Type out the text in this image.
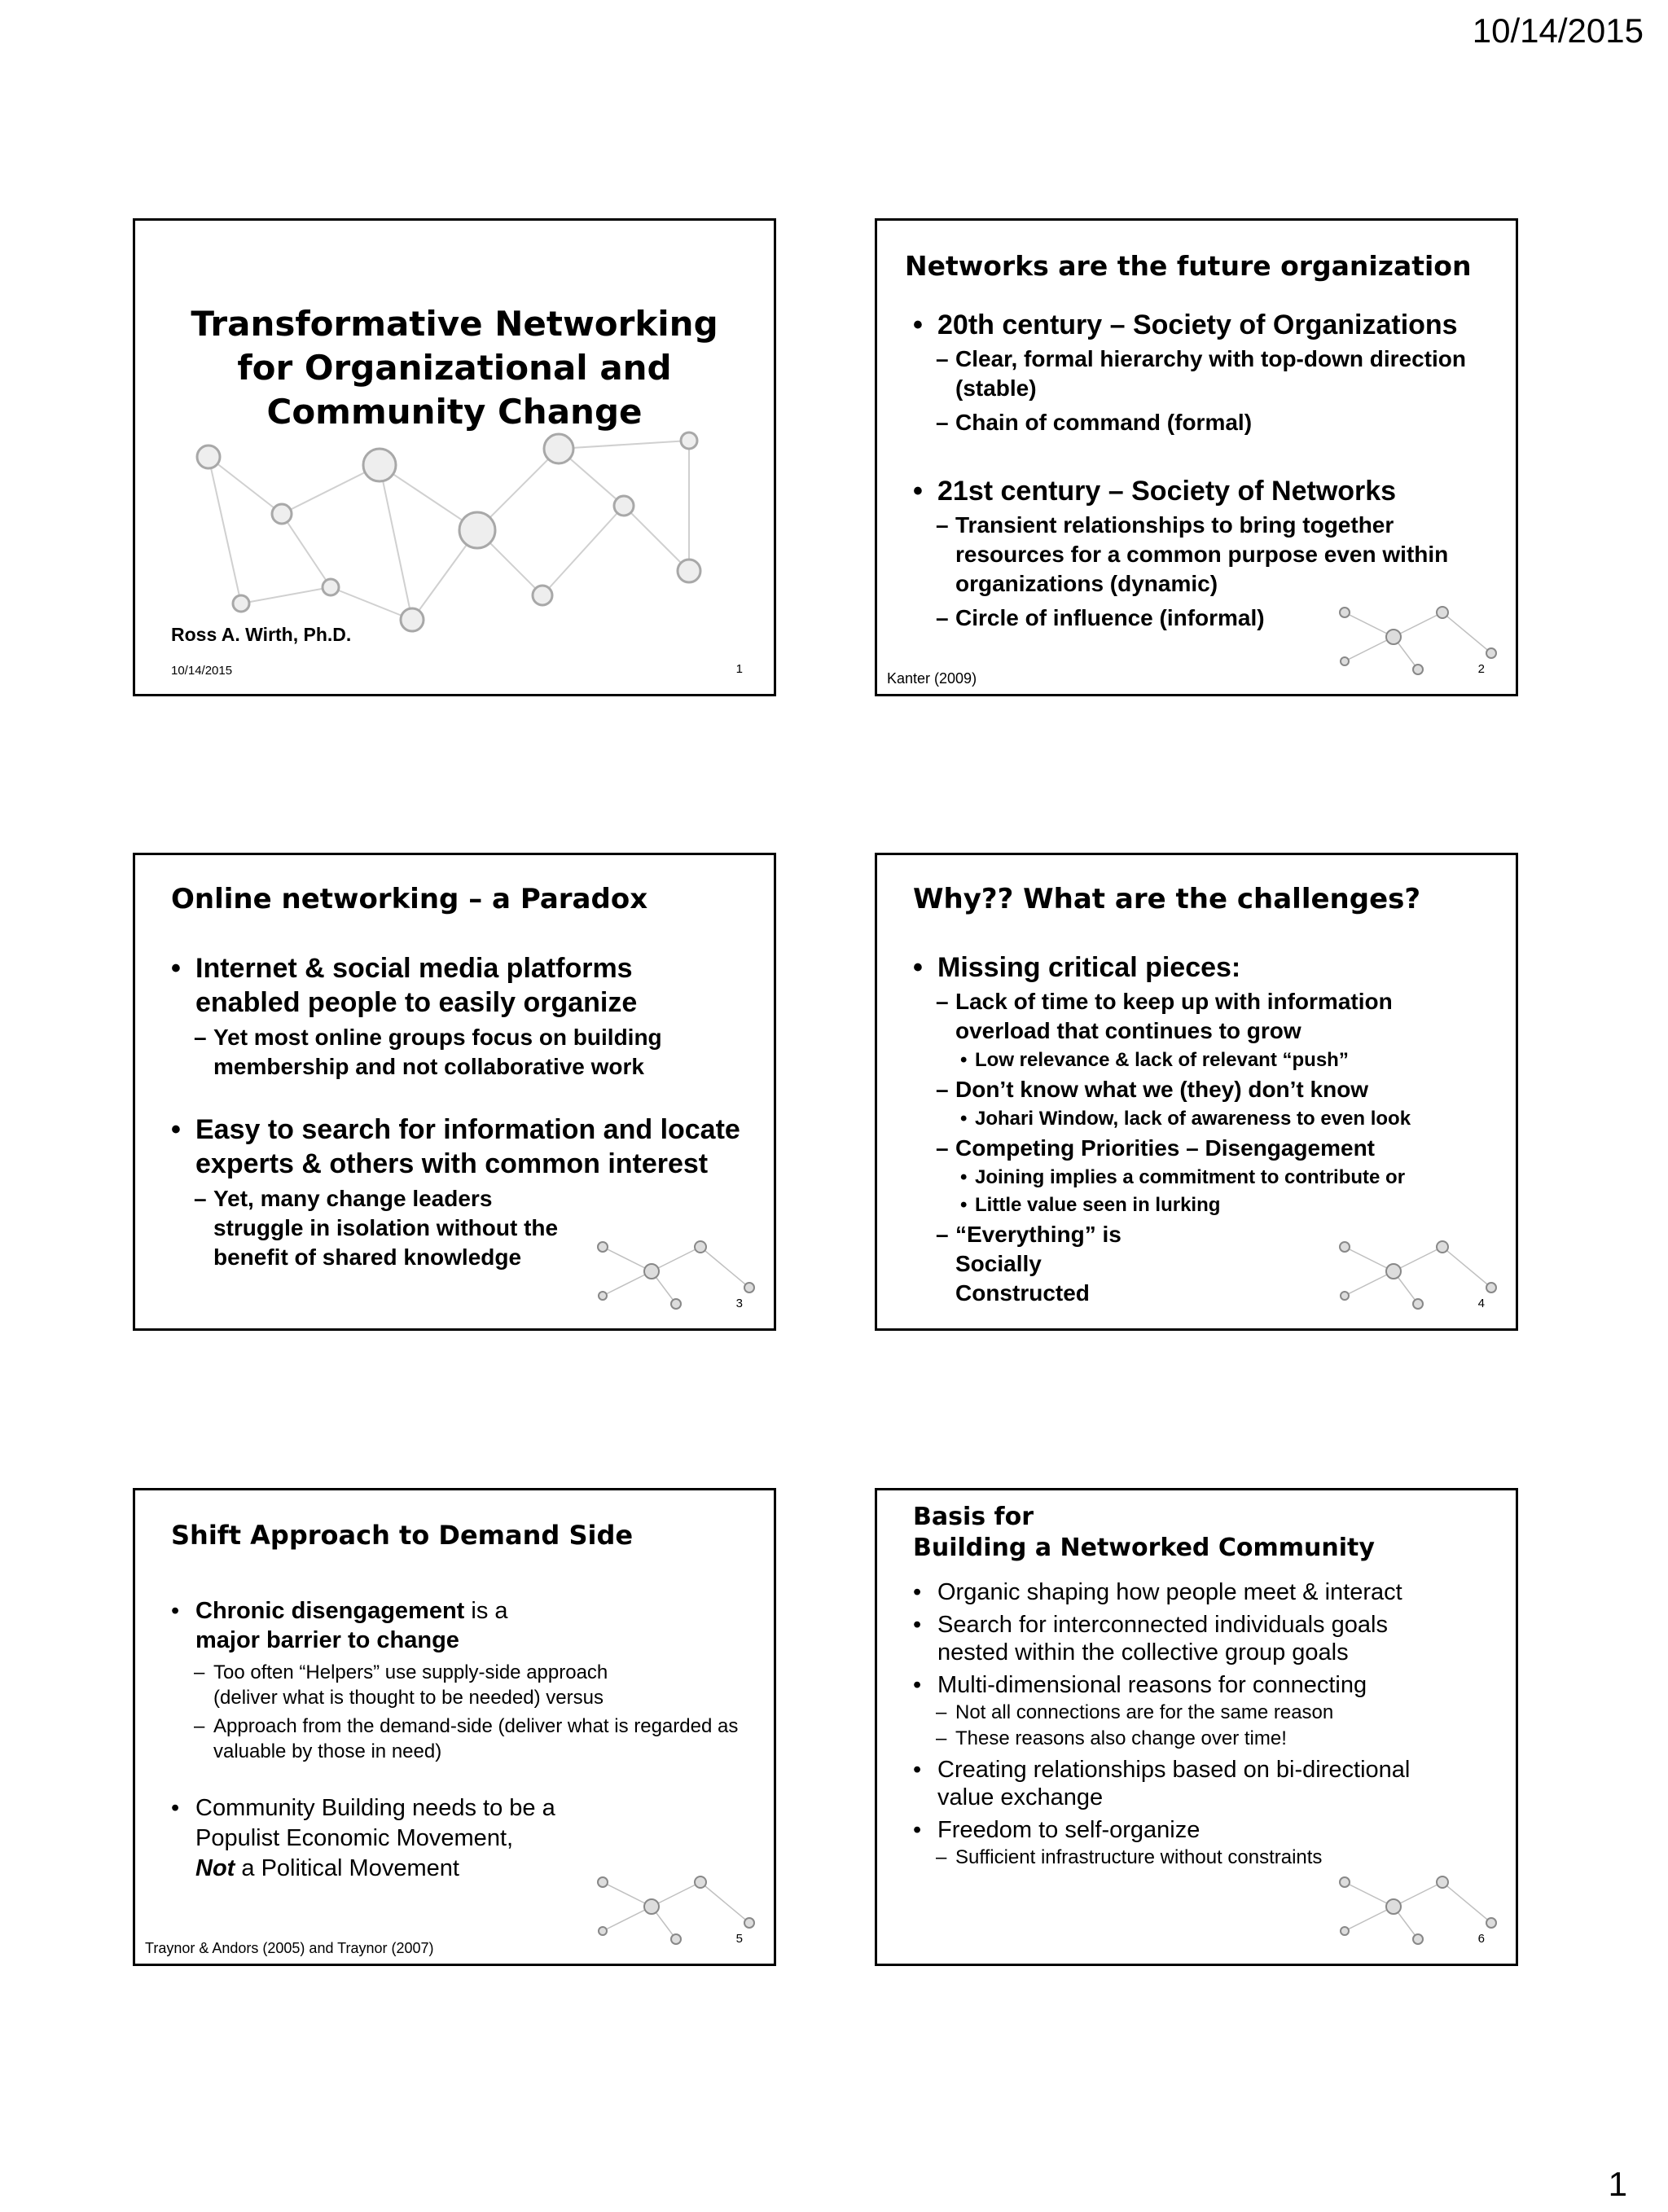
10/14/2015
Transformative Networking for Organizational and Community Change
Ross A. Wirth, Ph.D.
10/14/2015	1
Networks are the future organization
• 20th century – Society of Organizations
– Clear, formal hierarchy with top-down direction (stable)
– Chain of command (formal)
• 21st century – Society of Networks
– Transient relationships to bring together resources for a common purpose even within organizations (dynamic)
– Circle of influence (informal)
Kanter (2009)
2
Online networking – a Paradox
• Internet & social media platforms enabled people to easily organize
– Yet most online groups focus on building membership and not collaborative work
• Easy to search for information and locate experts & others with common interest
– Yet, many change leaders struggle in isolation without the benefit of shared knowledge
3
Why?? What are the challenges?
• Missing critical pieces:
– Lack of time to keep up with information overload that continues to grow
• Low relevance & lack of relevant “push”
– Don’t know what we (they) don’t know
• Johari Window, lack of awareness to even look
– Competing Priorities – Disengagement
• Joining implies a commitment to contribute or
• Little value seen in lurking
– “Everything” is Socially Constructed	4
Shift Approach to Demand Side
• Chronic disengagement is a
major barrier to change
– Too often “Helpers” use supply-side approach (deliver what is thought to be needed) versus
– Approach from the demand-side (deliver what is regarded as valuable by those in need)
• Community Building needs to be a
Populist Economic Movement,
Not a Political Movement
Traynor & Andors (2005) and Traynor (2007)
5
Basis for
Building a Networked Community
• Organic shaping how people meet & interact
• Search for interconnected individuals goals nested within the collective group goals
• Multi-dimensional reasons for connecting
– Not all connections are for the same reason
– These reasons also change over time!
• Creating relationships based on bi-directional value exchange
• Freedom to self-organize
– Sufficient infrastructure without constraints
6
1
